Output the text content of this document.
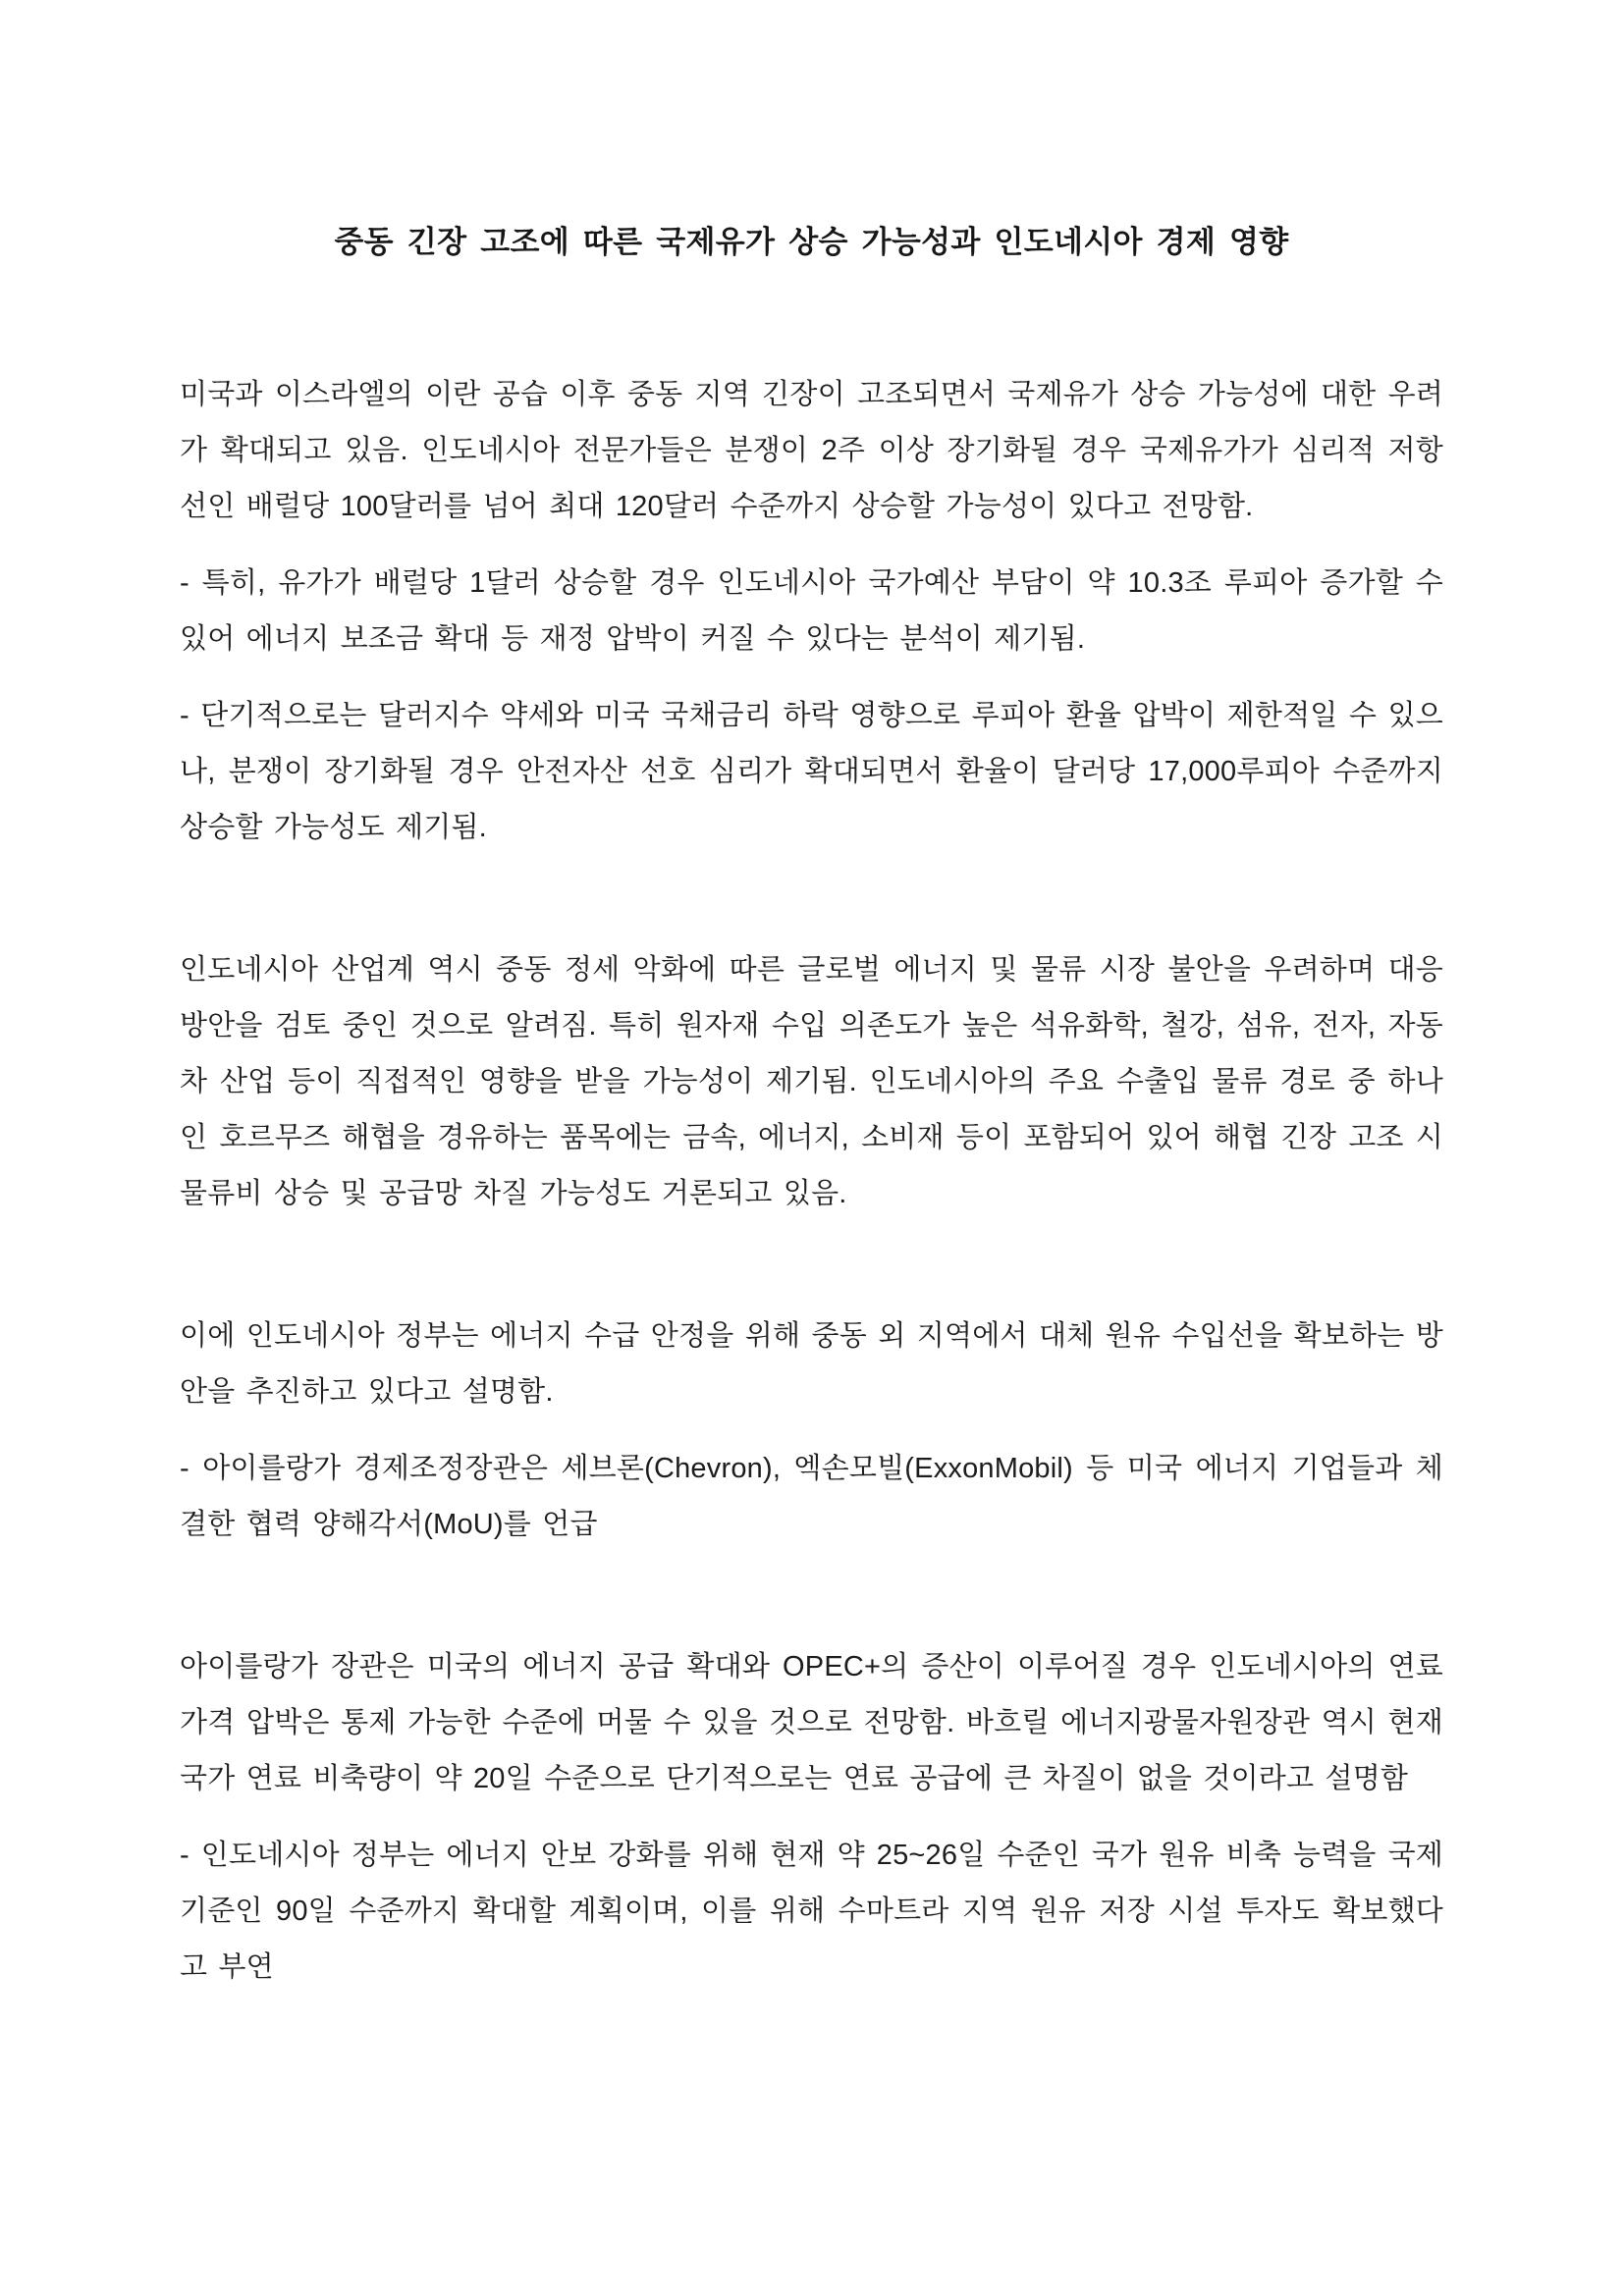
중동 긴장 고조에 따른 국제유가 상승 가능성과 인도네시아 경제 영향

미국과 이스라엘의 이란 공습 이후 중동 지역 긴장이 고조되면서 국제유가 상승 가능성에 대한 우려가 확대되고 있음. 인도네시아 전문가들은 분쟁이 2주 이상 장기화될 경우 국제유가가 심리적 저항선인 배럴당 100달러를 넘어 최대 120달러 수준까지 상승할 가능성이 있다고 전망함.

- 특히, 유가가 배럴당 1달러 상승할 경우 인도네시아 국가예산 부담이 약 10.3조 루피아 증가할 수 있어 에너지 보조금 확대 등 재정 압박이 커질 수 있다는 분석이 제기됨.

- 단기적으로는 달러지수 약세와 미국 국채금리 하락 영향으로 루피아 환율 압박이 제한적일 수 있으나, 분쟁이 장기화될 경우 안전자산 선호 심리가 확대되면서 환율이 달러당 17,000루피아 수준까지 상승할 가능성도 제기됨.

인도네시아 산업계 역시 중동 정세 악화에 따른 글로벌 에너지 및 물류 시장 불안을 우려하며 대응 방안을 검토 중인 것으로 알려짐. 특히 원자재 수입 의존도가 높은 석유화학, 철강, 섬유, 전자, 자동차 산업 등이 직접적인 영향을 받을 가능성이 제기됨. 인도네시아의 주요 수출입 물류 경로 중 하나인 호르무즈 해협을 경유하는 품목에는 금속, 에너지, 소비재 등이 포함되어 있어 해협 긴장 고조 시 물류비 상승 및 공급망 차질 가능성도 거론되고 있음.

이에 인도네시아 정부는 에너지 수급 안정을 위해 중동 외 지역에서 대체 원유 수입선을 확보하는 방안을 추진하고 있다고 설명함.

- 아이를랑가 경제조정장관은 세브론(Chevron), 엑손모빌(ExxonMobil) 등 미국 에너지 기업들과 체결한 협력 양해각서(MoU)를 언급

아이를랑가 장관은 미국의 에너지 공급 확대와 OPEC+의 증산이 이루어질 경우 인도네시아의 연료 가격 압박은 통제 가능한 수준에 머물 수 있을 것으로 전망함. 바흐릴 에너지광물자원장관 역시 현재 국가 연료 비축량이 약 20일 수준으로 단기적으로는 연료 공급에 큰 차질이 없을 것이라고 설명함

- 인도네시아 정부는 에너지 안보 강화를 위해 현재 약 25~26일 수준인 국가 원유 비축 능력을 국제 기준인 90일 수준까지 확대할 계획이며, 이를 위해 수마트라 지역 원유 저장 시설 투자도 확보했다고 부연
